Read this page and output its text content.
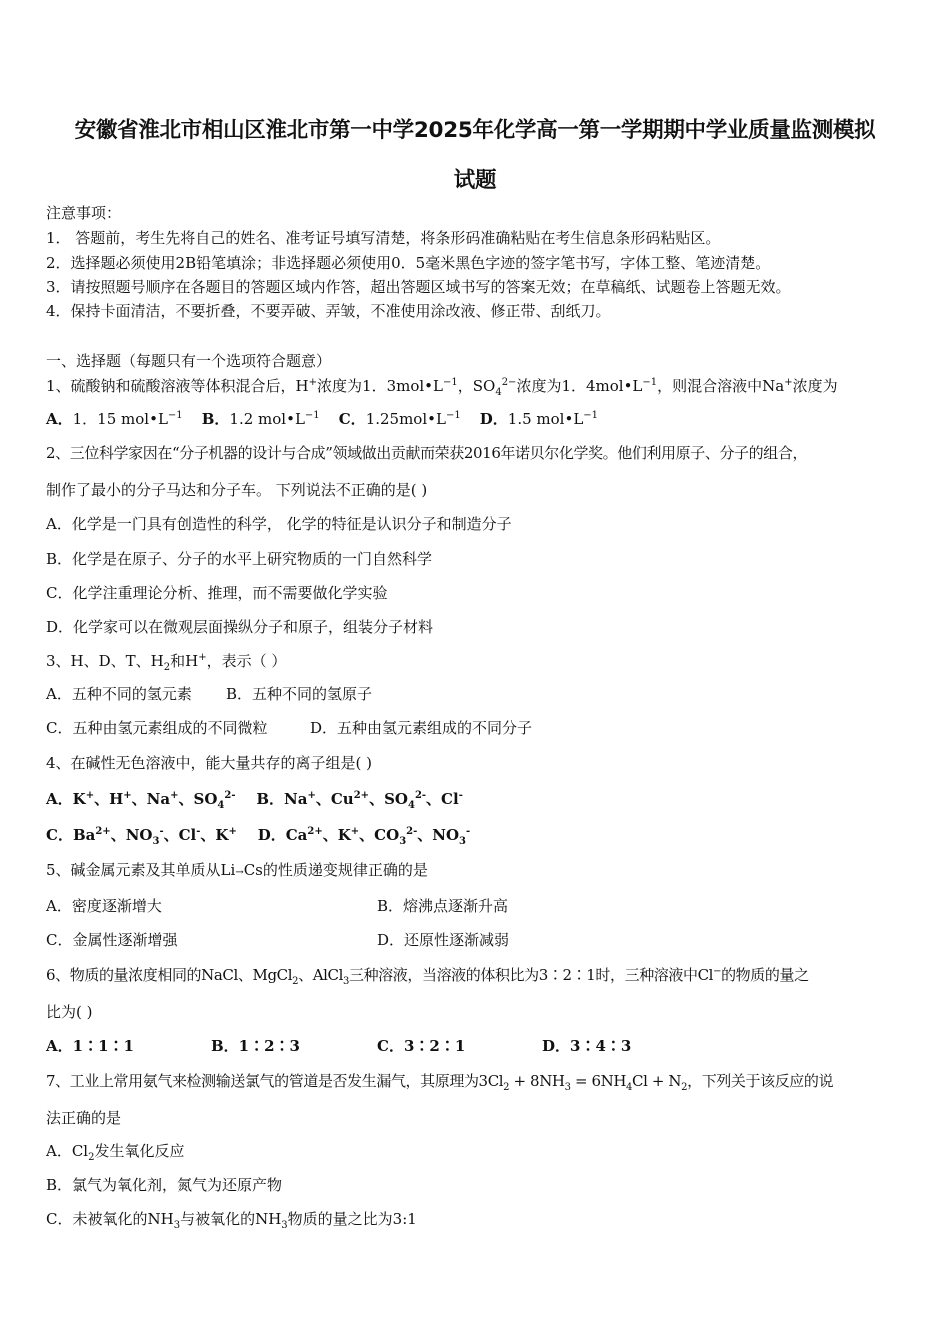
安徽省淮北市相山区淮北市第一中学2025年化学高一第一学期期中学业质量监测模拟
试题
注意事项：
1． 答题前，考生先将自己的姓名、准考证号填写清楚，将条形码准确粘贴在考生信息条形码粘贴区。
2．选择题必须使用2B铅笔填涂；非选择题必须使用0．5毫米黑色字迹的签字笔书写，字体工整、笔迹清楚。
3．请按照题号顺序在各题目的答题区域内作答，超出答题区域书写的答案无效；在草稿纸、试题卷上答题无效。
4．保持卡面清洁，不要折叠，不要弄破、弄皱，不准使用涂改液、修正带、刮纸刀。
一、选择题（每题只有一个选项符合题意）
1、硫酸钠和硫酸溶液等体积混合后，H+浓度为1．$3mol•L^{-1}$，$SO_4^{2-}$浓度为1．$4mol•L^{-1}$，则混合溶液中Na+浓度为
A．1．15 $mol•L^{-1}$ B．1.2 $mol•L^{-1}$ C．$1.25mol•L^{-1}$ D．1.5 $mol•L^{-1}$
2、三位科学家因在“分子机器的设计与合成”领域做出贡献而荣获2016年诺贝尔化学奖。他们利用原子、分子的组合，
制作了最小的分子马达和分子车。 下列说法不正确的是( )
A．化学是一门具有创造性的科学， 化学的特征是认识分子和制造分子
B．化学是在原子、分子的水平上研究物质的一门自然科学
C．化学注重理论分析、推理，而不需要做化学实验
D．化学家可以在微观层面操纵分子和原子，组装分子材料
3、H、D、T、$H_2$和H+，表示（ ）
A．五种不同的氢元素 B．五种不同的氢原子
C．五种由氢元素组成的不同微粒	D．五种由氢元素组成的不同分子
4、在碱性无色溶液中，能大量共存的离子组是( )
A．K+、H+、Na+、$SO_4^{2-}$ B．Na+、$Cu^{2+}$、$SO_4^{2-}$、Cl-
C．$Ba^{2+}$、$NO_3^-$、Cl-、K+ D．$Ca^{2+}$、K+、$CO_3^{2-}$、$NO_3^-$
5、碱金属元素及其单质从Li→Cs的性质递变规律正确的是
A．密度逐渐增大	B．熔沸点逐渐升高
C．金属性逐渐增强	D．还原性逐渐减弱
6、物质的量浓度相同的NaCl、MgCl$_2$、AlCl$_3$三种溶液，当溶液的体积比为3∶2∶1时，三种溶液中Cl−的物质的量之
比为( )
A．1∶1∶1	B．1∶2∶3	C．3∶2∶1	D．3∶4∶3
7、工业上常用氨气来检测输送氯气的管道是否发生漏气，其原理为$3Cl_2 + 8NH_3 = 6NH_4Cl + N_2$，下列关于该反应的说
法正确的是
A．$Cl_2$发生氧化反应
B．氯气为氧化剂，氮气为还原产物
C．未被氧化的$NH_3$与被氧化的$NH_3$物质的量之比为3:1
